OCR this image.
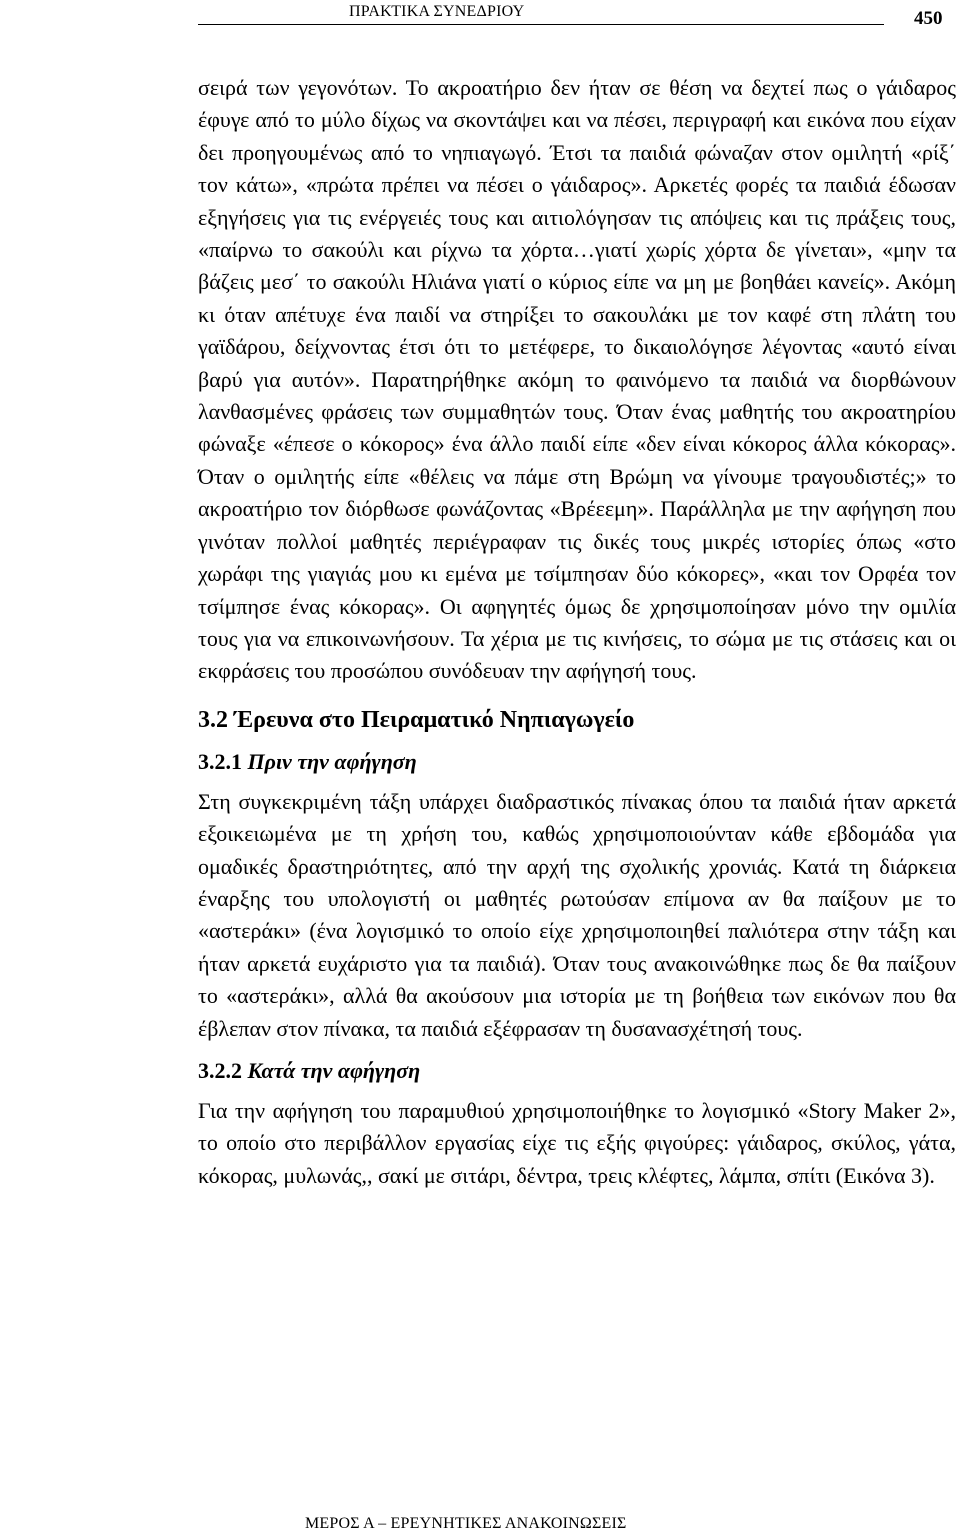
ΠΡΑΚΤΙΚΑ ΣΥΝΕΔΡΙΟΥ	450

σειρά των γεγονότων. Το ακροατήριο δεν ήταν σε θέση να δεχτεί πως ο γάιδαρος έφυγε από το μύλο δίχως να σκοντάψει και να πέσει, περιγραφή και εικόνα που είχαν δει προηγουμένως από το νηπιαγωγό. Έτσι τα παιδιά φώναζαν στον ομιλητή «ρίξ΄ τον κάτω», «πρώτα πρέπει να πέσει ο γάιδαρος». Αρκετές φορές τα παιδιά έδωσαν εξηγήσεις για τις ενέργειές τους και αιτιολόγησαν τις απόψεις και τις πράξεις τους, «παίρνω το σακούλι και ρίχνω τα χόρτα…γιατί χωρίς χόρτα δε γίνεται», «μην τα βάζεις μεσ΄ το σακούλι Ηλιάνα γιατί ο κύριος είπε να μη με βοηθάει κανείς». Ακόμη κι όταν απέτυχε ένα παιδί να στηρίξει το σακουλάκι με τον καφέ στη πλάτη του γαϊδάρου, δείχνοντας έτσι ότι το μετέφερε, το δικαιολόγησε λέγοντας «αυτό είναι βαρύ για αυτόν». Παρατηρήθηκε ακόμη το φαινόμενο τα παιδιά να διορθώνουν λανθασμένες φράσεις των συμμαθητών τους. Όταν ένας μαθητής του ακροατηρίου φώναξε «έπεσε ο κόκορος» ένα άλλο παιδί είπε «δεν είναι κόκορος άλλα κόκορας». Όταν ο ομιλητής είπε «θέλεις να πάμε στη Βρώμη να γίνουμε τραγουδιστές;» το ακροατήριο τον διόρθωσε φωνάζοντας «Βρέεεμη». Παράλληλα με την αφήγηση που γινόταν πολλοί μαθητές περιέγραφαν τις δικές τους μικρές ιστορίες όπως «στο χωράφι της γιαγιάς μου κι εμένα με τσίμπησαν δύο κόκορες», «και τον Ορφέα τον τσίμπησε ένας κόκορας». Οι αφηγητές όμως δε χρησιμοποίησαν μόνο την ομιλία τους για να επικοινωνήσουν. Τα χέρια με τις κινήσεις, το σώμα με τις στάσεις και οι εκφράσεις του προσώπου συνόδευαν την αφήγησή τους.

3.2 Έρευνα στο Πειραματικό Νηπιαγωγείο
3.2.1 Πριν την αφήγηση

Στη συγκεκριμένη τάξη υπάρχει διαδραστικός πίνακας όπου τα παιδιά ήταν αρκετά εξοικειωμένα με τη χρήση του, καθώς χρησιμοποιούνταν κάθε εβδομάδα για ομαδικές δραστηριότητες, από την αρχή της σχολικής χρονιάς. Κατά τη διάρκεια έναρξης του υπολογιστή οι μαθητές ρωτούσαν επίμονα αν θα παίξουν με το «αστεράκι» (ένα λογισμικό το οποίο είχε χρησιμοποιηθεί παλιότερα στην τάξη και ήταν αρκετά ευχάριστο για τα παιδιά). Όταν τους ανακοινώθηκε πως δε θα παίξουν το «αστεράκι», αλλά θα ακούσουν μια ιστορία με τη βοήθεια των εικόνων που θα έβλεπαν στον πίνακα, τα παιδιά εξέφρασαν τη δυσανασχέτησή τους.

3.2.2 Κατά την αφήγηση

Για την αφήγηση του παραμυθιού χρησιμοποιήθηκε το λογισμικό «Story Maker 2», το οποίο στο περιβάλλον εργασίας είχε τις εξής φιγούρες: γάιδαρος, σκύλος, γάτα, κόκορας, μυλωνάς,, σακί με σιτάρι, δέντρα, τρεις κλέφτες, λάμπα, σπίτι (Εικόνα 3).

ΜΕΡΟΣ Α – ΕΡΕΥΝΗΤΙΚΕΣ ΑΝΑΚΟΙΝΩΣΕΙΣ
